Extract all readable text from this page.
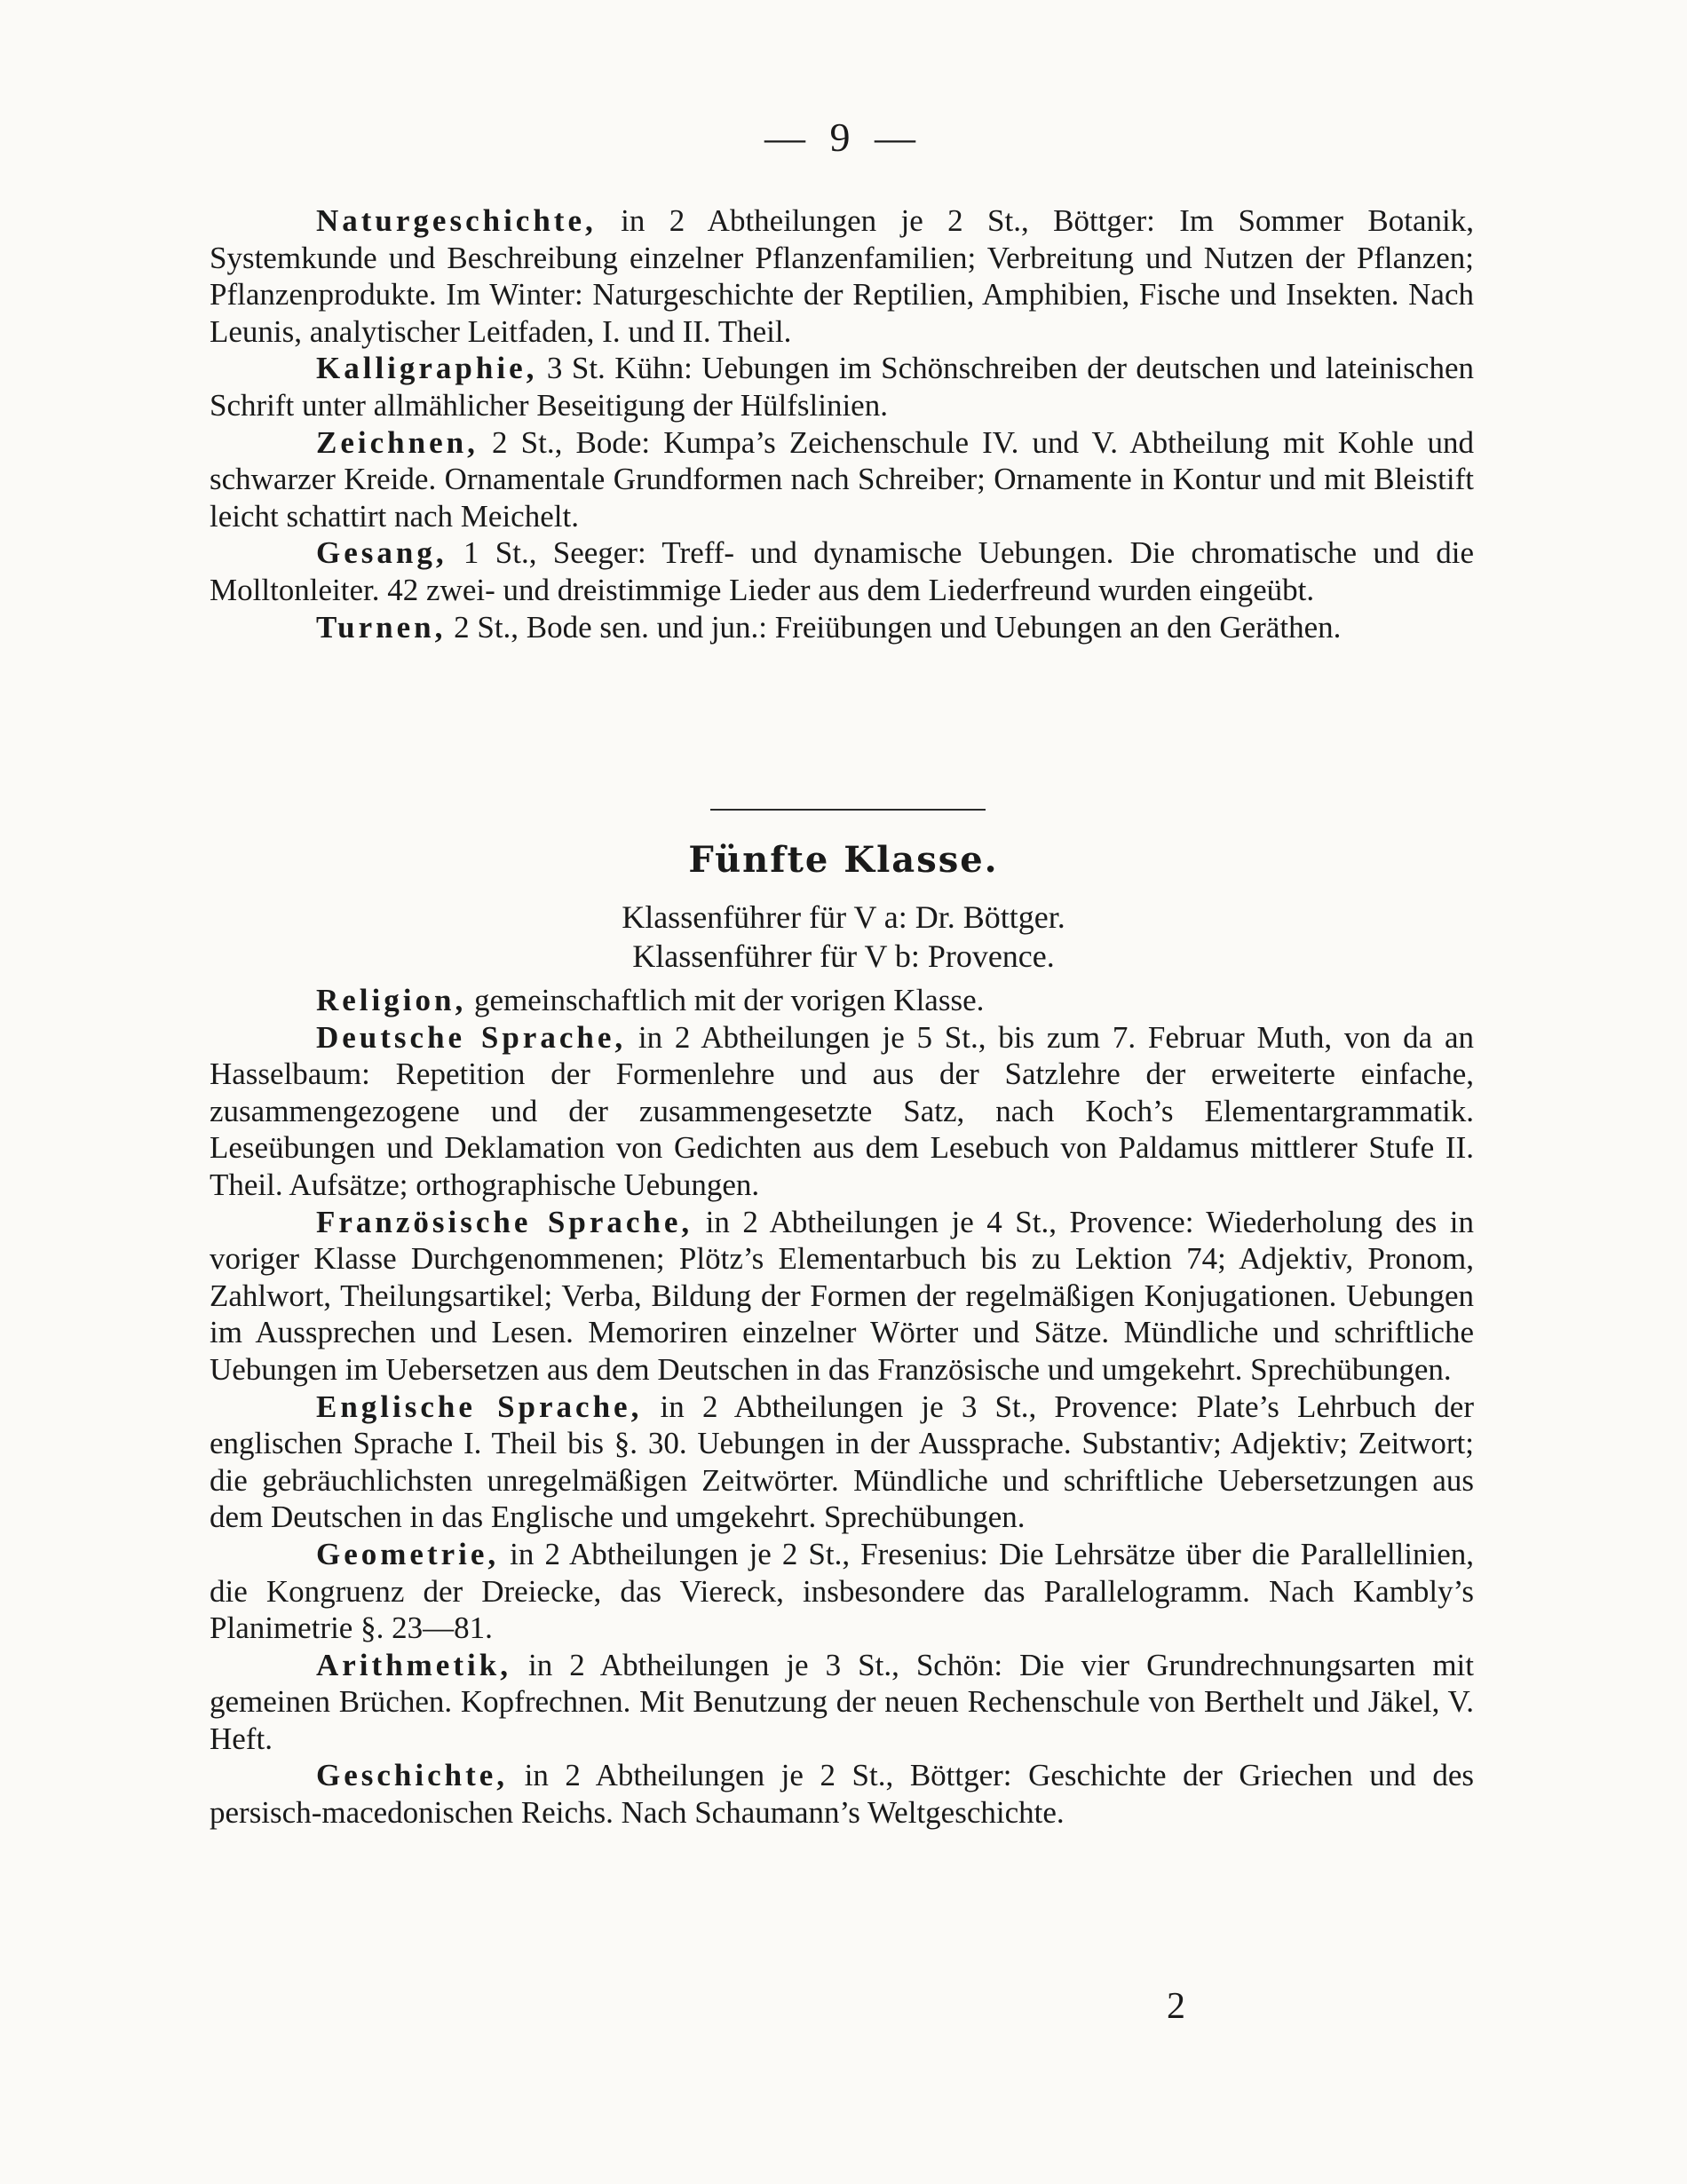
— 9 —

Naturgeschichte, in 2 Abtheilungen je 2 St., Böttger: Im Sommer Botanik, Systemkunde und Beschreibung einzelner Pflanzenfamilien; Verbreitung und Nutzen der Pflanzen; Pflanzenprodukte. Im Winter: Naturgeschichte der Reptilien, Amphibien, Fische und Insekten. Nach Leunis, analytischer Leitfaden, I. und II. Theil.

Kalligraphie, 3 St. Kühn: Uebungen im Schönschreiben der deutschen und lateinischen Schrift unter allmählicher Beseitigung der Hülfslinien.

Zeichnen, 2 St., Bode: Kumpa’s Zeichenschule IV. und V. Abtheilung mit Kohle und schwarzer Kreide. Ornamentale Grundformen nach Schreiber; Ornamente in Kontur und mit Bleistift leicht schattirt nach Meichelt.

Gesang, 1 St., Seeger: Treff- und dynamische Uebungen. Die chromatische und die Molltonleiter. 42 zwei- und dreistimmige Lieder aus dem Liederfreund wurden eingeübt.

Turnen, 2 St., Bode sen. und jun.: Freiübungen und Uebungen an den Geräthen.

Fünfte Klasse.
Klassenführer für V a: Dr. Böttger.
Klassenführer für V b: Provence.

Religion, gemeinschaftlich mit der vorigen Klasse.

Deutsche Sprache, in 2 Abtheilungen je 5 St., bis zum 7. Februar Muth, von da an Hasselbaum: Repetition der Formenlehre und aus der Satzlehre der erweiterte einfache, zusammengezogene und der zusammengesetzte Satz, nach Koch’s Elementargrammatik. Leseübungen und Deklamation von Gedichten aus dem Lesebuch von Paldamus mittlerer Stufe II. Theil. Aufsätze; orthographische Uebungen.

Französische Sprache, in 2 Abtheilungen je 4 St., Provence: Wiederholung des in voriger Klasse Durchgenommenen; Plötz’s Elementarbuch bis zu Lektion 74; Adjektiv, Pronom, Zahlwort, Theilungsartikel; Verba, Bildung der Formen der regelmäßigen Konjugationen. Uebungen im Aussprechen und Lesen. Memoriren einzelner Wörter und Sätze. Mündliche und schriftliche Uebungen im Uebersetzen aus dem Deutschen in das Französische und umgekehrt. Sprechübungen.

Englische Sprache, in 2 Abtheilungen je 3 St., Provence: Plate’s Lehrbuch der englischen Sprache I. Theil bis §. 30. Uebungen in der Aussprache. Substantiv; Adjektiv; Zeitwort; die gebräuchlichsten unregelmäßigen Zeitwörter. Mündliche und schriftliche Uebersetzungen aus dem Deutschen in das Englische und umgekehrt. Sprechübungen.

Geometrie, in 2 Abtheilungen je 2 St., Fresenius: Die Lehrsätze über die Parallellinien, die Kongruenz der Dreiecke, das Viereck, insbesondere das Parallelogramm. Nach Kambly’s Planimetrie §. 23—81.

Arithmetik, in 2 Abtheilungen je 3 St., Schön: Die vier Grundrechnungsarten mit gemeinen Brüchen. Kopfrechnen. Mit Benutzung der neuen Rechenschule von Berthelt und Jäkel, V. Heft.

Geschichte, in 2 Abtheilungen je 2 St., Böttger: Geschichte der Griechen und des persisch-macedonischen Reichs. Nach Schaumann’s Weltgeschichte.

2
